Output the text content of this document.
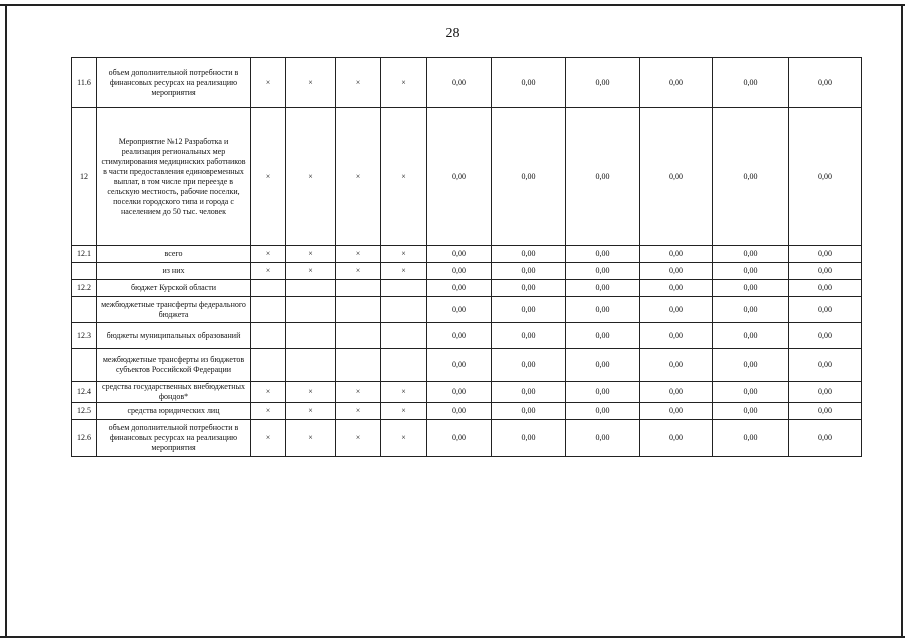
28
11.6	объем дополнительной потребности в финансовых ресурсах на реализацию мероприятия	×	×	×	×	0,00	0,00	0,00	0,00	0,00	0,00
12	Мероприятие №12 Разработка и реализация региональных мер стимулирования медицинских работников в части предоставления единовременных выплат, в том числе при переезде в сельскую местность, рабочие поселки, поселки городского типа и города с населением до 50 тыс. человек	×	×	×	×	0,00	0,00	0,00	0,00	0,00	0,00
12.1	всего	×	×	×	×	0,00	0,00	0,00	0,00	0,00	0,00
	из них	×	×	×	×	0,00	0,00	0,00	0,00	0,00	0,00
12.2	бюджет Курской области					0,00	0,00	0,00	0,00	0,00	0,00
	межбюджетные трансферты федерального бюджета					0,00	0,00	0,00	0,00	0,00	0,00
12.3	бюджеты муниципальных образований					0,00	0,00	0,00	0,00	0,00	0,00
	межбюджетные трансферты из бюджетов субъектов Российской Федерации					0,00	0,00	0,00	0,00	0,00	0,00
12.4	средства государственных внебюджетных фондов*	×	×	×	×	0,00	0,00	0,00	0,00	0,00	0,00
12.5	средства юридических лиц	×	×	×	×	0,00	0,00	0,00	0,00	0,00	0,00
12.6	объем дополнительной потребности в финансовых ресурсах на реализацию мероприятия	×	×	×	×	0,00	0,00	0,00	0,00	0,00	0,00
